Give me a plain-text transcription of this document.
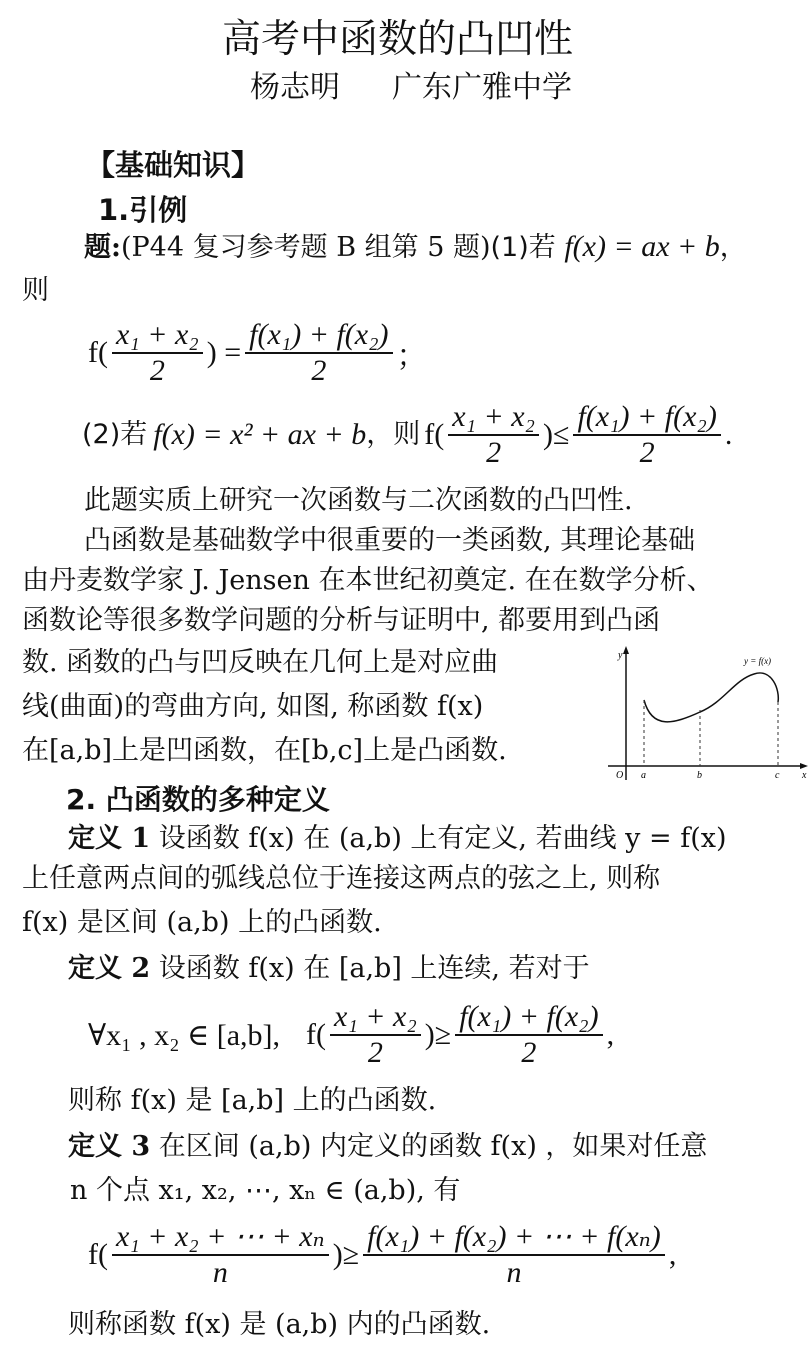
高考中函数的凸凹性
杨志明 广东广雅中学
【基础知识】
1.引例
题:(P44 复习参考题 B 组第 5 题)(1)若 f(x) = ax + b，
则
$f( \frac{\text{x₁ + x₂}}{2}$ ) = $\frac{\text{f(x₁) + f(x₂)}}{2}$ ；
(2)若 f(x) = x² + ax + b ，则 $f( \frac{\text{x₁ + x₂}}{2}$ ) ≤ $\frac{\text{f(x₁) + f(x₂)}}{2}$ .
此题实质上研究一次函数与二次函数的凸凹性.
凸函数是基础数学中很重要的一类函数, 其理论基础
由丹麦数学家 J. Jensen 在本世纪初奠定. 在在数学分析、
函数论等很多数学问题的分析与证明中, 都要用到凸函
数. 函数的凸与凹反映在几何上是对应曲
线(曲面)的弯曲方向, 如图, 称函数 f(x)
在[a,b]上是凹函数，在[b,c]上是凸函数.
y
x
O
y = f(x)
a	b	c
2. 凸函数的多种定义
定义 1 设函数 f(x) 在 (a,b) 上有定义, 若曲线 y = f(x)
上任意两点间的弧线总位于连接这两点的弦之上, 则称
f(x) 是区间 (a,b) 上的凸函数.
定义 2 设函数 f(x) 在 [a,b] 上连续, 若对于
∀x₁ , x₂ ∈ [a,b], $f( \frac{\text{x₁ + x₂}}{2}$ ) ≥ $\frac{\text{f(x₁) + f(x₂)}}{2}$ ,
则称 f(x) 是 [a,b] 上的凸函数.
定义 3 在区间 (a,b) 内定义的函数 f(x) ，如果对任意
n 个点 x₁, x₂, ⋯, xₙ ∈ (a,b), 有
$f( \frac{\text{x₁ + x₂ + ⋯ + xₙ}}{n}$ ) ≥ $\frac{\text{f(x₁) + f(x₂) + ⋯ + f(xₙ)}}{n}$ ,
则称函数 f(x) 是 (a,b) 内的凸函数.
